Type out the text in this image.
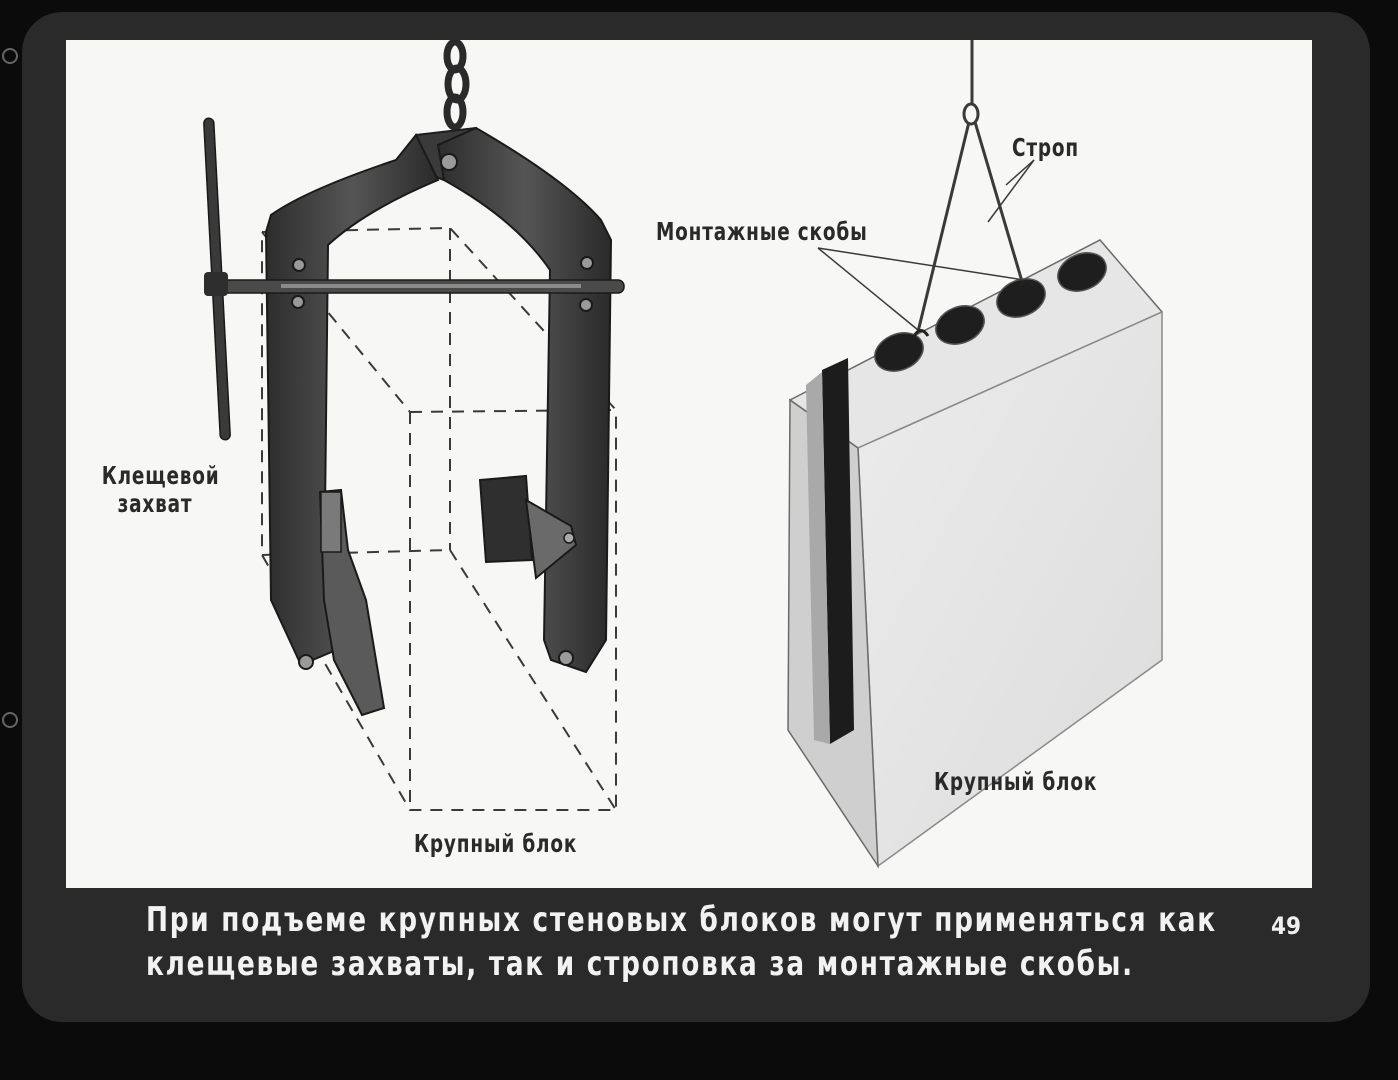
Клещевой
захват
Крупный блок
Строп
Монтажные скобы
Крупный блок
При подъеме крупных стеновых блоков могут применяться как
клещевые захваты, так и строповка за монтажные скобы.
49
